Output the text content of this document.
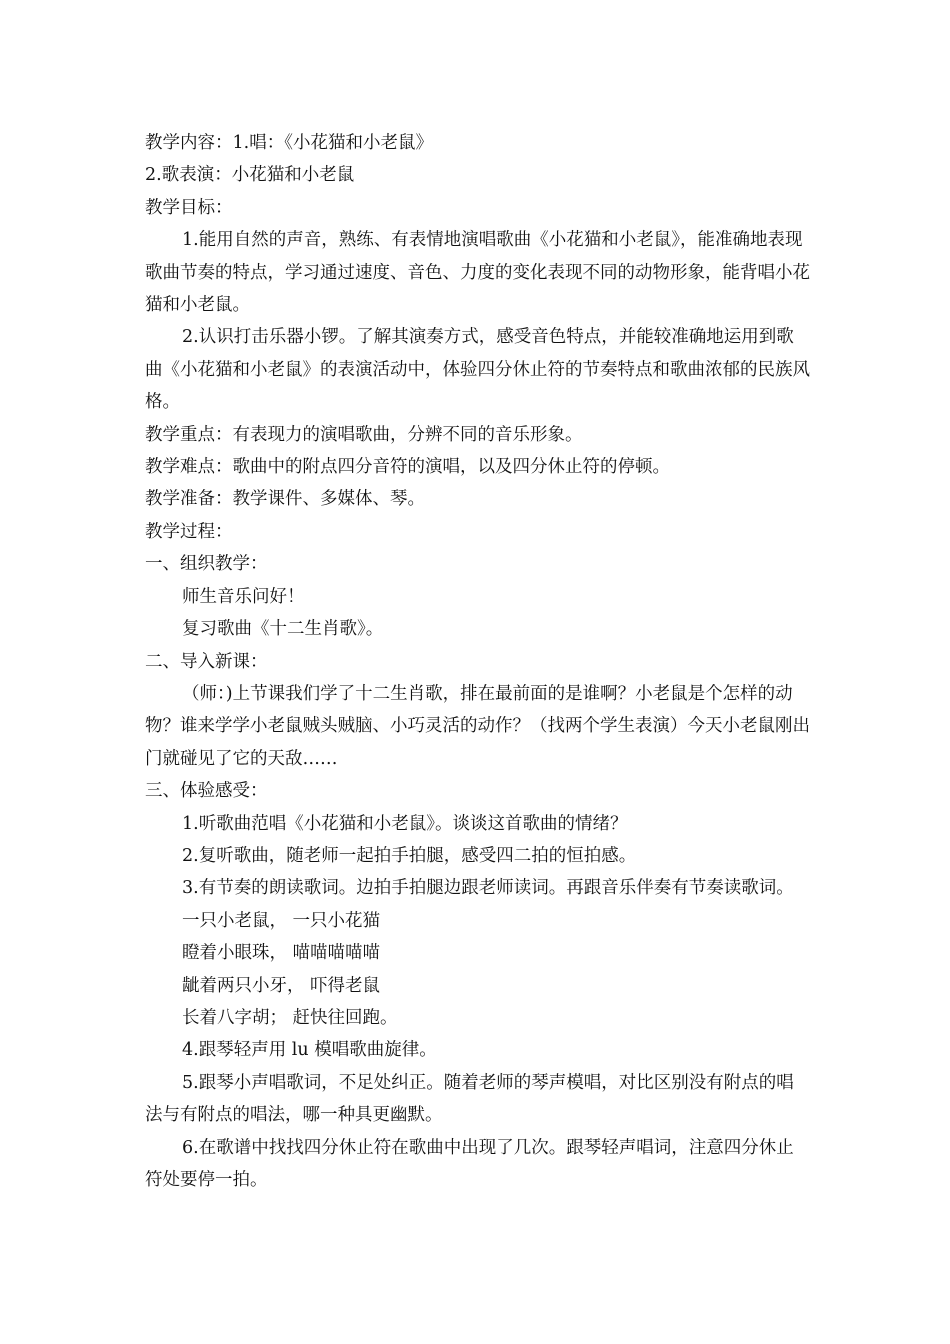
教学内容：1.唱：《小花猫和小老鼠》

2.歌表演：小花猫和小老鼠

教学目标：

1.能用自然的声音，熟练、有表情地演唱歌曲《小花猫和小老鼠》，能准确地表现歌曲节奏的特点，学习通过速度、音色、力度的变化表现不同的动物形象，能背唱小花猫和小老鼠。

2.认识打击乐器小锣。了解其演奏方式，感受音色特点，并能较准确地运用到歌曲《小花猫和小老鼠》的表演活动中，体验四分休止符的节奏特点和歌曲浓郁的民族风格。

教学重点：有表现力的演唱歌曲，分辨不同的音乐形象。

教学难点：歌曲中的附点四分音符的演唱，以及四分休止符的停顿。

教学准备：教学课件、多媒体、琴。

教学过程：

一、组织教学：

师生音乐问好！

复习歌曲《十二生肖歌》。

二、导入新课：

（师：)上节课我们学了十二生肖歌，排在最前面的是谁啊？小老鼠是个怎样的动物？谁来学学小老鼠贼头贼脑、小巧灵活的动作？（找两个学生表演）今天小老鼠刚出门就碰见了它的天敌……

三、体验感受：

1.听歌曲范唱《小花猫和小老鼠》。谈谈这首歌曲的情绪？

2.复听歌曲，随老师一起拍手拍腿，感受四二拍的恒拍感。

3.有节奏的朗读歌词。边拍手拍腿边跟老师读词。再跟音乐伴奏有节奏读歌词。

一只小老鼠， 一只小花猫

瞪着小眼珠， 喵喵喵喵喵

龇着两只小牙， 吓得老鼠

长着八字胡； 赶快往回跑。

4.跟琴轻声用 lu 模唱歌曲旋律。

5.跟琴小声唱歌词，不足处纠正。随着老师的琴声模唱，对比区别没有附点的唱法与有附点的唱法，哪一种具更幽默。

6.在歌谱中找找四分休止符在歌曲中出现了几次。跟琴轻声唱词，注意四分休止符处要停一拍。
